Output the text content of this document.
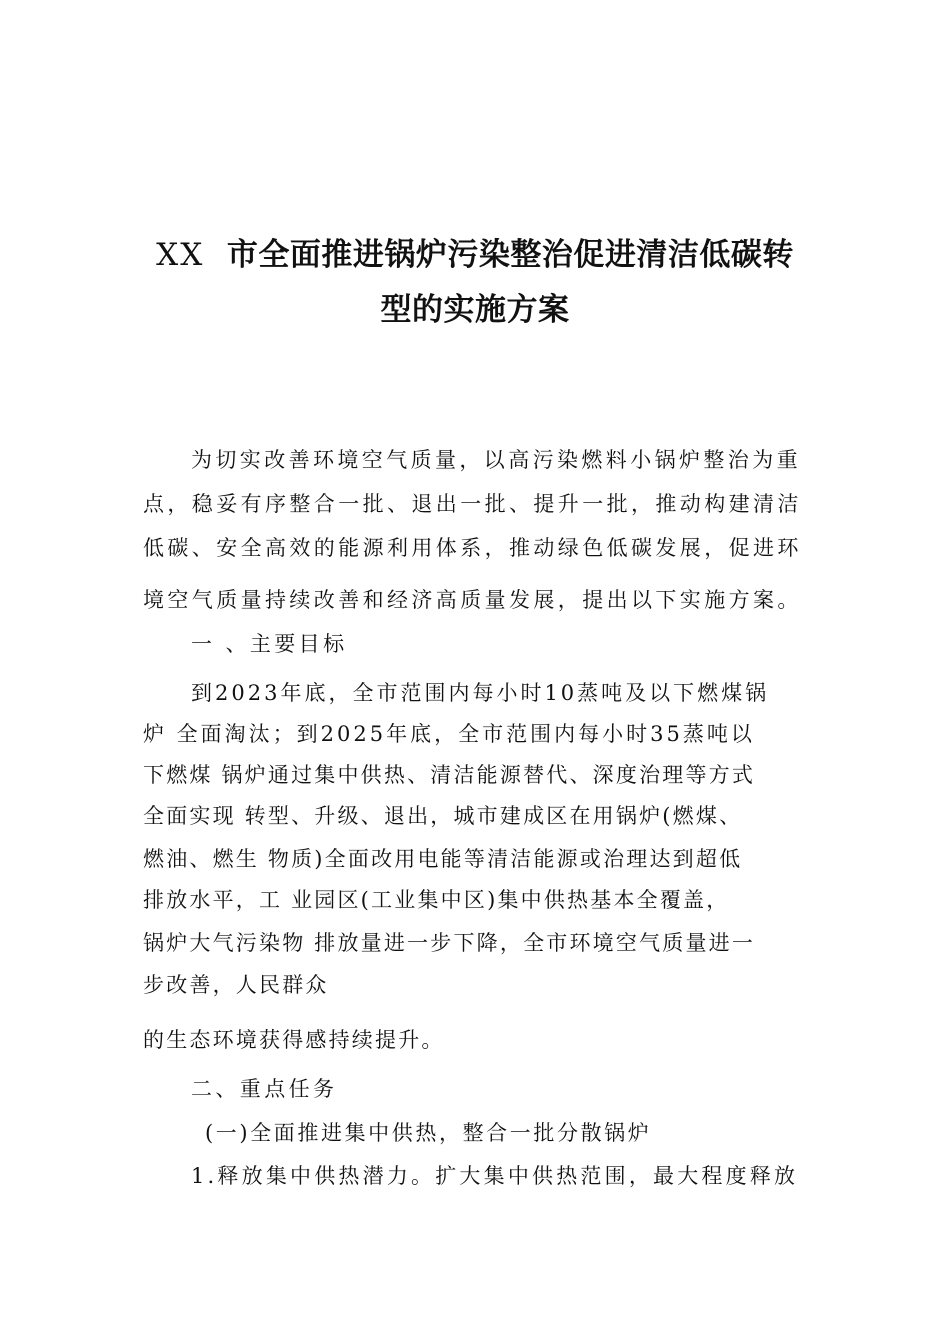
XX 市全面推进锅炉污染整治促进清洁低碳转
型的实施方案
为切实改善环境空气质量，以高污染燃料小锅炉整治为重
点，稳妥有序整合一批、退出一批、提升一批，推动构建清洁
低碳、安全高效的能源利用体系，推动绿色低碳发展，促进环
境空气质量持续改善和经济高质量发展，提出以下实施方案。
一 、主要目标
到2023年底，全市范围内每小时10蒸吨及以下燃煤锅
炉 全面淘汰；到2025年底，全市范围内每小时35蒸吨以
下燃煤 锅炉通过集中供热、清洁能源替代、深度治理等方式
全面实现 转型、升级、退出，城市建成区在用锅炉(燃煤、
燃油、燃生 物质)全面改用电能等清洁能源或治理达到超低
排放水平，工 业园区(工业集中区)集中供热基本全覆盖，
锅炉大气污染物 排放量进一步下降，全市环境空气质量进一
步改善，人民群众
的生态环境获得感持续提升。
二、重点任务
(一)全面推进集中供热，整合一批分散锅炉
1.释放集中供热潜力。扩大集中供热范围，最大程度释放
